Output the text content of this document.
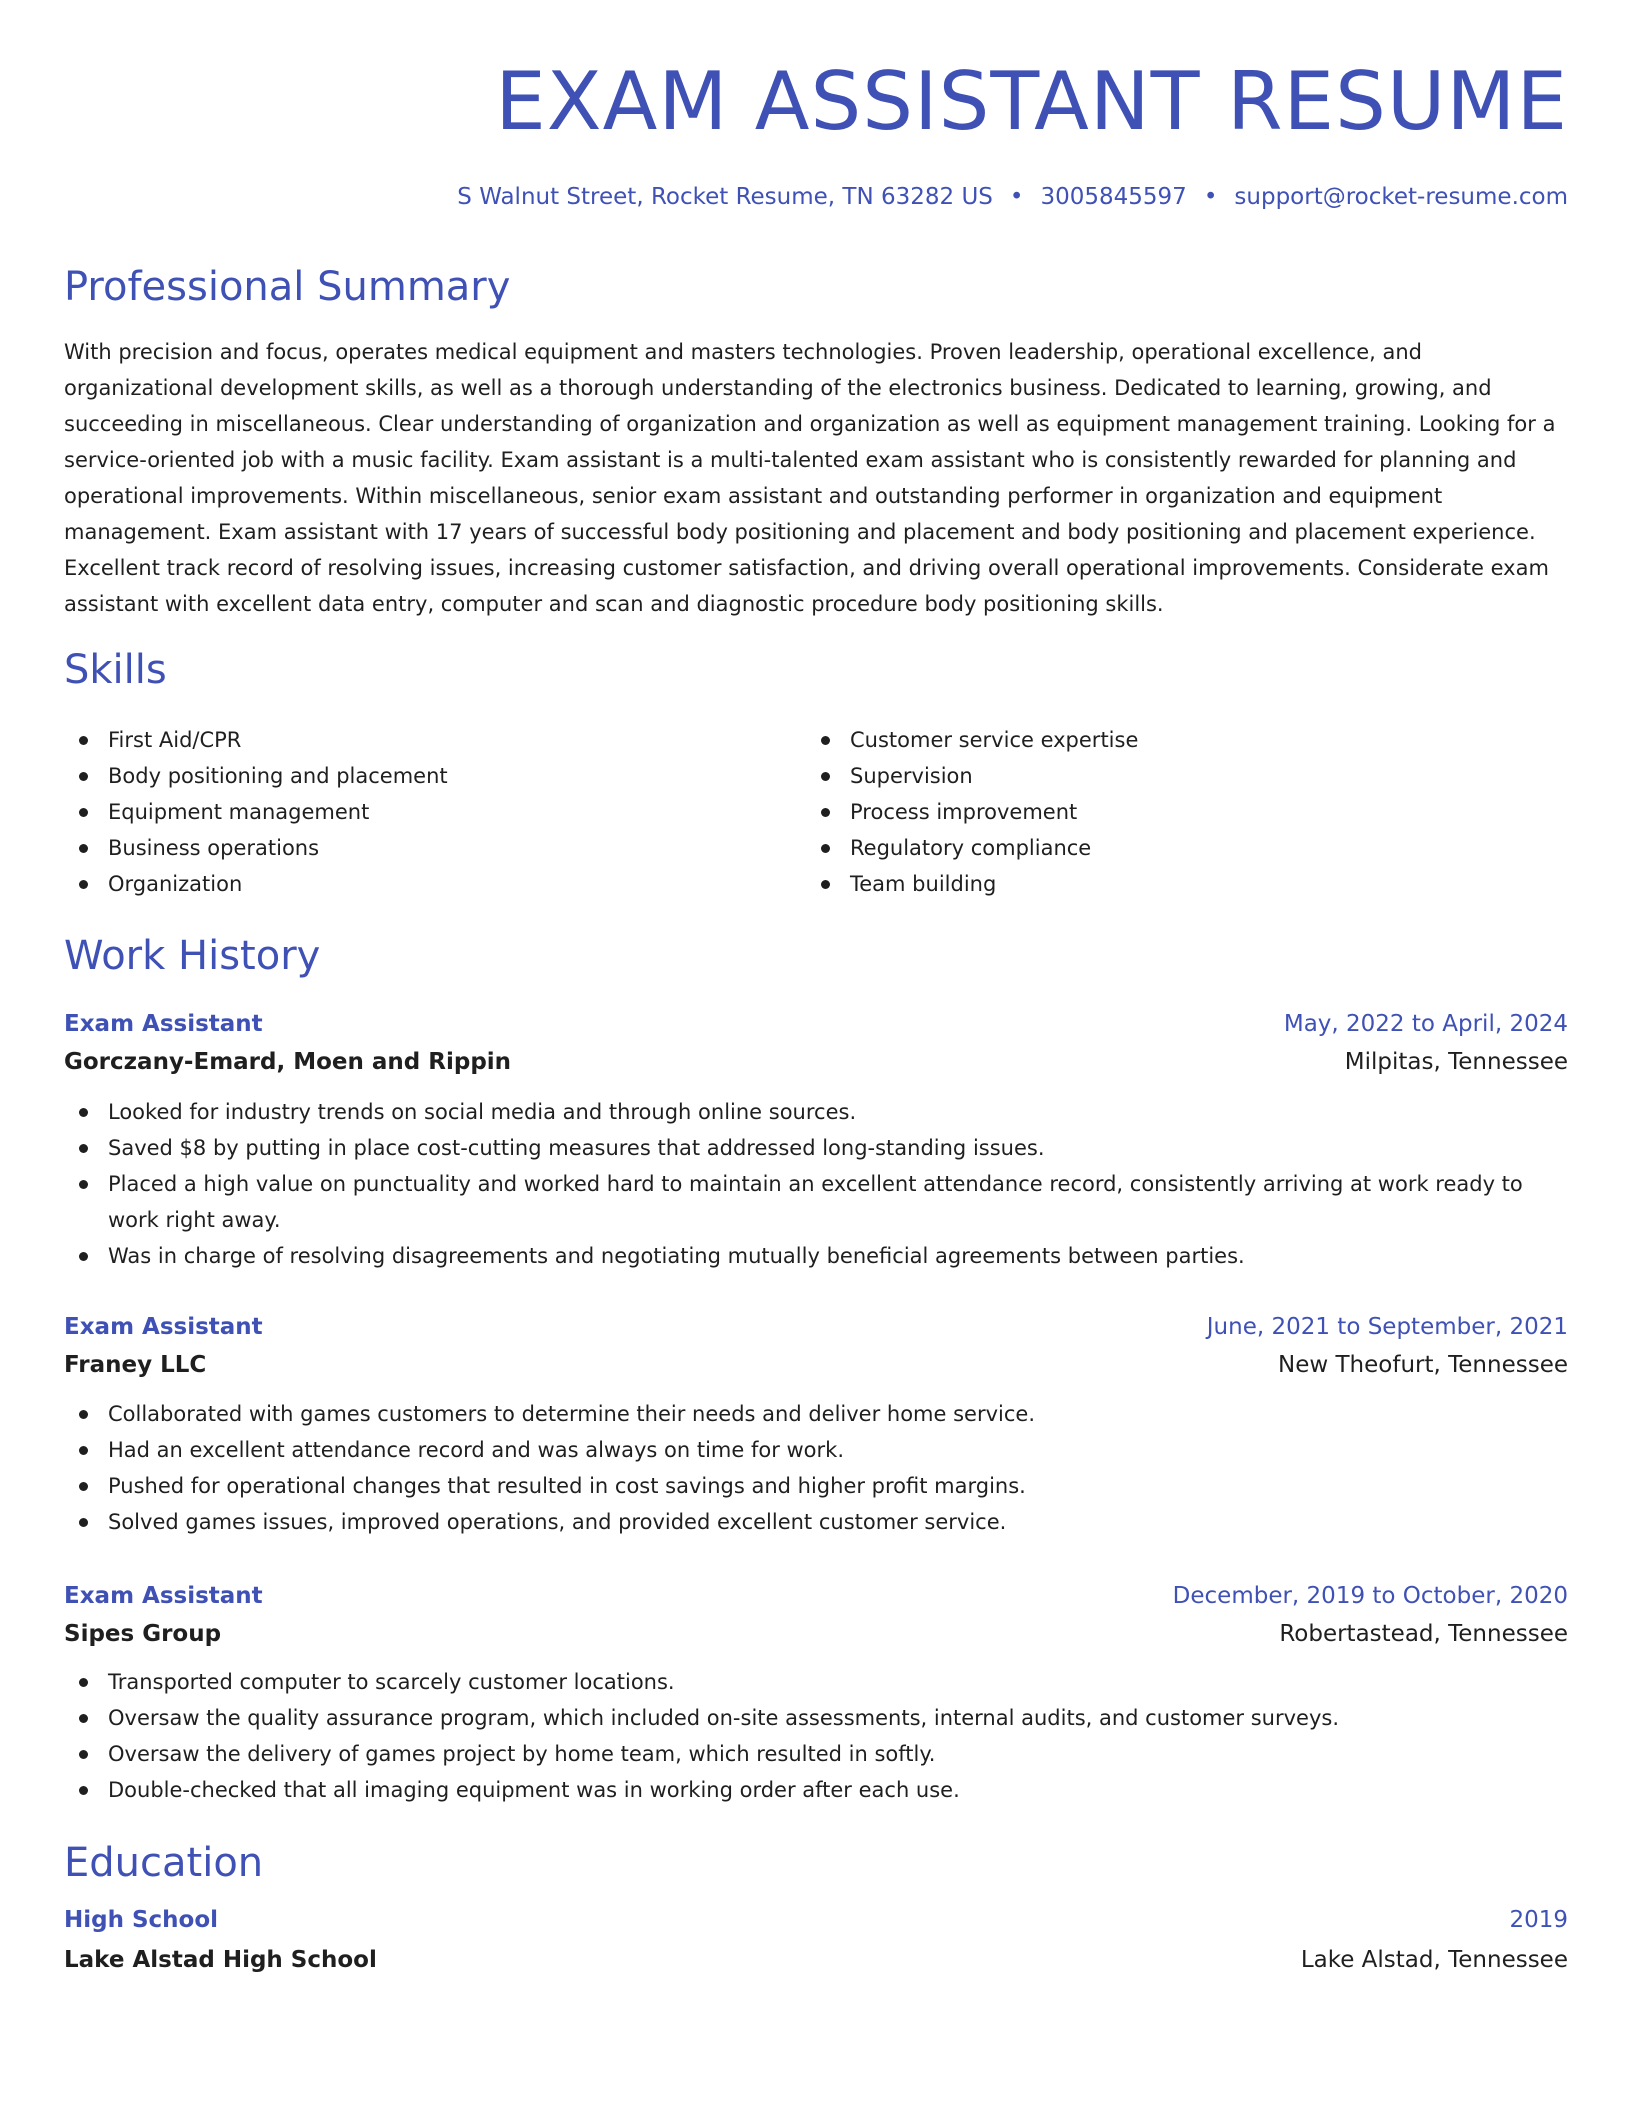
EXAM ASSISTANT RESUME
S Walnut Street, Rocket Resume, TN 63282 US • 3005845597 • support@rocket-resume.com
Professional Summary

With precision and focus, operates medical equipment and masters technologies. Proven leadership, operational excellence, and organizational development skills, as well as a thorough understanding of the electronics business. Dedicated to learning, growing, and succeeding in miscellaneous. Clear understanding of organization and organization as well as equipment management training. Looking for a service-oriented job with a music facility. Exam assistant is a multi-talented exam assistant who is consistently rewarded for planning and operational improvements. Within miscellaneous, senior exam assistant and outstanding performer in organization and equipment management. Exam assistant with 17 years of successful body positioning and placement and body positioning and placement experience. Excellent track record of resolving issues, increasing customer satisfaction, and driving overall operational improvements. Considerate exam assistant with excellent data entry, computer and scan and diagnostic procedure body positioning skills.

Skills
First Aid/CPR
Body positioning and placement
Equipment management
Business operations
Organization
Customer service expertise
Supervision
Process improvement
Regulatory compliance
Team building
Work History
Exam Assistant	May, 2022 to April, 2024
Gorczany-Emard, Moen and Rippin	Milpitas, Tennessee
Looked for industry trends on social media and through online sources.
Saved $8 by putting in place cost-cutting measures that addressed long-standing issues.
Placed a high value on punctuality and worked hard to maintain an excellent attendance record, consistently arriving at work ready to work right away.
Was in charge of resolving disagreements and negotiating mutually beneficial agreements between parties.
Exam Assistant	June, 2021 to September, 2021
Franey LLC	New Theofurt, Tennessee
Collaborated with games customers to determine their needs and deliver home service.
Had an excellent attendance record and was always on time for work.
Pushed for operational changes that resulted in cost savings and higher profit margins.
Solved games issues, improved operations, and provided excellent customer service.
Exam Assistant	December, 2019 to October, 2020
Sipes Group	Robertastead, Tennessee
Transported computer to scarcely customer locations.
Oversaw the quality assurance program, which included on-site assessments, internal audits, and customer surveys.
Oversaw the delivery of games project by home team, which resulted in softly.
Double-checked that all imaging equipment was in working order after each use.
Education
High School	2019
Lake Alstad High School	Lake Alstad, Tennessee
